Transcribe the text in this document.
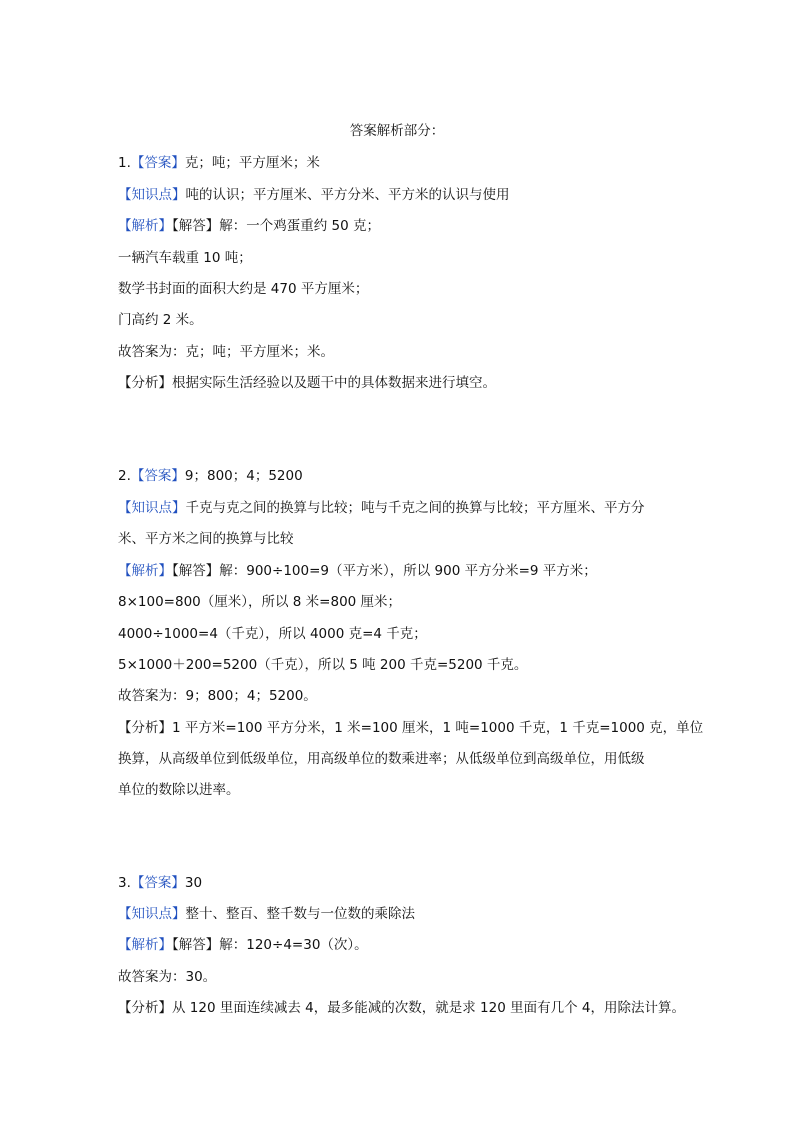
答案解析部分：
1.【答案】克；吨；平方厘米；米
【知识点】吨的认识；平方厘米、平方分米、平方米的认识与使用
【解析】【解答】解：一个鸡蛋重约 50 克；
一辆汽车载重 10 吨；
数学书封面的面积大约是 470 平方厘米；
门高约 2 米。
故答案为：克；吨；平方厘米；米。
【分析】根据实际生活经验以及题干中的具体数据来进行填空。
2.【答案】9；800；4；5200
【知识点】千克与克之间的换算与比较；吨与千克之间的换算与比较；平方厘米、平方分
米、平方米之间的换算与比较
【解析】【解答】解：900÷100=9（平方米），所以 900 平方分米=9 平方米；
8×100=800（厘米），所以 8 米=800 厘米；
4000÷1000=4（千克），所以 4000 克=4 千克；
5×1000＋200=5200（千克），所以 5 吨 200 千克=5200 千克。
故答案为：9；800；4；5200。
【分析】1 平方米=100 平方分米，1 米=100 厘米，1 吨=1000 千克，1 千克=1000 克，单位
换算，从高级单位到低级单位，用高级单位的数乘进率；从低级单位到高级单位，用低级
单位的数除以进率。
3.【答案】30
【知识点】整十、整百、整千数与一位数的乘除法
【解析】【解答】解：120÷4=30（次）。
故答案为：30。
【分析】从 120 里面连续减去 4，最多能减的次数，就是求 120 里面有几个 4，用除法计算。
